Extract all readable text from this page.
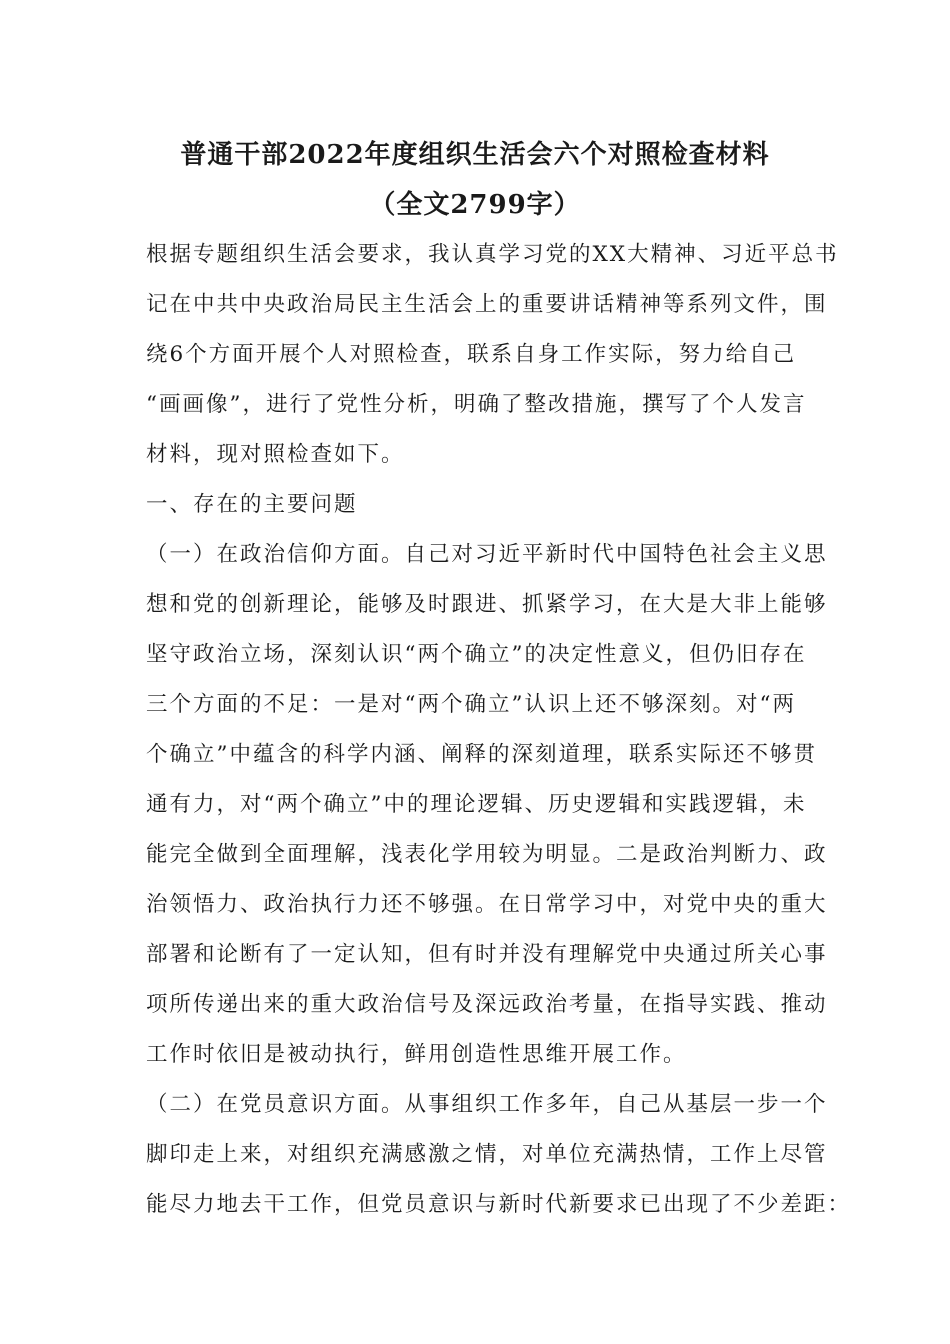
普通干部2022年度组织生活会六个对照检查材料
（全文2799字）
根据专题组织生活会要求，我认真学习党的XX大精神、习近平总书
记在中共中央政治局民主生活会上的重要讲话精神等系列文件，围
绕6个方面开展个人对照检查，联系自身工作实际，努力给自己
“画画像”，进行了党性分析，明确了整改措施，撰写了个人发言
材料，现对照检查如下。
一、存在的主要问题
（一）在政治信仰方面。自己对习近平新时代中国特色社会主义思
想和党的创新理论，能够及时跟进、抓紧学习，在大是大非上能够
坚守政治立场，深刻认识“两个确立”的决定性意义，但仍旧存在
三个方面的不足：一是对“两个确立”认识上还不够深刻。对“两
个确立”中蕴含的科学内涵、阐释的深刻道理，联系实际还不够贯
通有力，对“两个确立”中的理论逻辑、历史逻辑和实践逻辑，未
能完全做到全面理解，浅表化学用较为明显。二是政治判断力、政
治领悟力、政治执行力还不够强。在日常学习中，对党中央的重大
部署和论断有了一定认知，但有时并没有理解党中央通过所关心事
项所传递出来的重大政治信号及深远政治考量，在指导实践、推动
工作时依旧是被动执行，鲜用创造性思维开展工作。
（二）在党员意识方面。从事组织工作多年，自己从基层一步一个
脚印走上来，对组织充满感激之情，对单位充满热情，工作上尽管
能尽力地去干工作，但党员意识与新时代新要求已出现了不少差距：
